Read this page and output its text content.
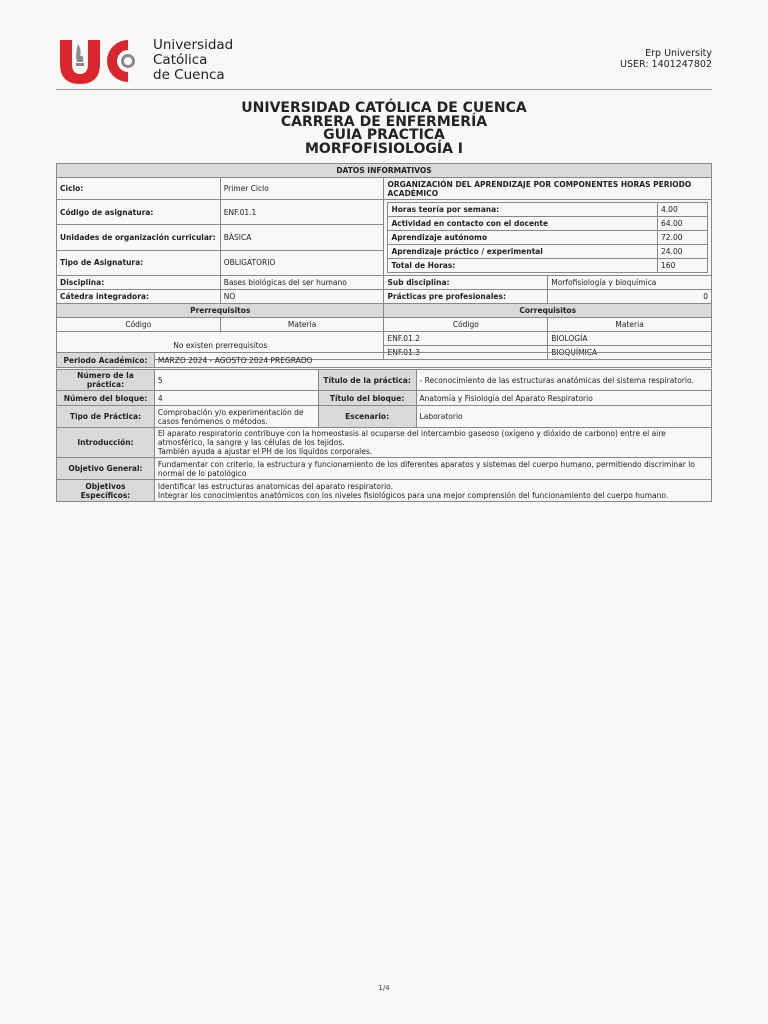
Universidad
Católica
de Cuenca
Erp University
USER: 1401247802
UNIVERSIDAD CATÓLICA DE CUENCA
CARRERA DE ENFERMERÍA
GUIA PRACTICA
MORFOFISIOLOGÍA I
DATOS INFORMATIVOS
Ciclo:	Primer Ciclo	ORGANIZACIÓN DEL APRENDIZAJE POR COMPONENTES HORAS PERIODO ACADÉMICO
Código de asignatura:	ENF.01.1		Horas teoría por semana:	4.00
Actividad en contacto con el docente	64.00
Aprendizaje autónomo	72.00
Aprendizaje práctico / experimental	24.00
Total de Horas:	160

Unidades de organización curricular:	BÁSICA
Tipo de Asignatura:	OBLIGATORIO
Disciplina:	Bases biológicas del ser humano	Sub disciplina:	Morfofisiología y bioquímica
Cátedra integradora:	NO	Prácticas pre profesionales:	0
Prerrequisitos	Correquisitos
Código	Materia	Código	Materia
No existen prerrequisitos	ENF.01.2	BIOLOGÍA
ENF.01.3	BIOQUÍMICA
Periodo Académico:	MARZO 2024 - AGOSTO 2024 PREGRADO		

Número de la práctica:	5	Título de la práctica:	- Reconocimiento de las estructuras anatómicas del sistema respiratorio.
Número del bloque:	4	Título del bloque:	Anatomía y Fisiología del Aparato Respiratorio
Tipo de Práctica:	Comprobación y/o experimentación de casos fenómenos o métodos.	Escenario:	Laboratorio
Introducción:	El aparato respiratorio contribuye con la homeostasis al ocuparse del intercambio gaseoso (oxígeno y dióxido de carbono) entre el aire atmosférico, la sangre y las células de los tejidos.
También ayuda a ajustar el PH de los líquidos corporales.		

Objetivo General:	Fundamentar con criterio, la estructura y funcionamiento de los diferentes aparatos y sistemas del cuerpo humano, permitiendo discriminar lo normal de lo patológico		
Objetivos Específicos:	Identificar las estructuras anatomicas del aparato respiratorio.
Integrar los conocimientos anatómicos con los niveles fisiológicos para una mejor comprensión del funcionamiento del cuerpo humano.		
1/4
